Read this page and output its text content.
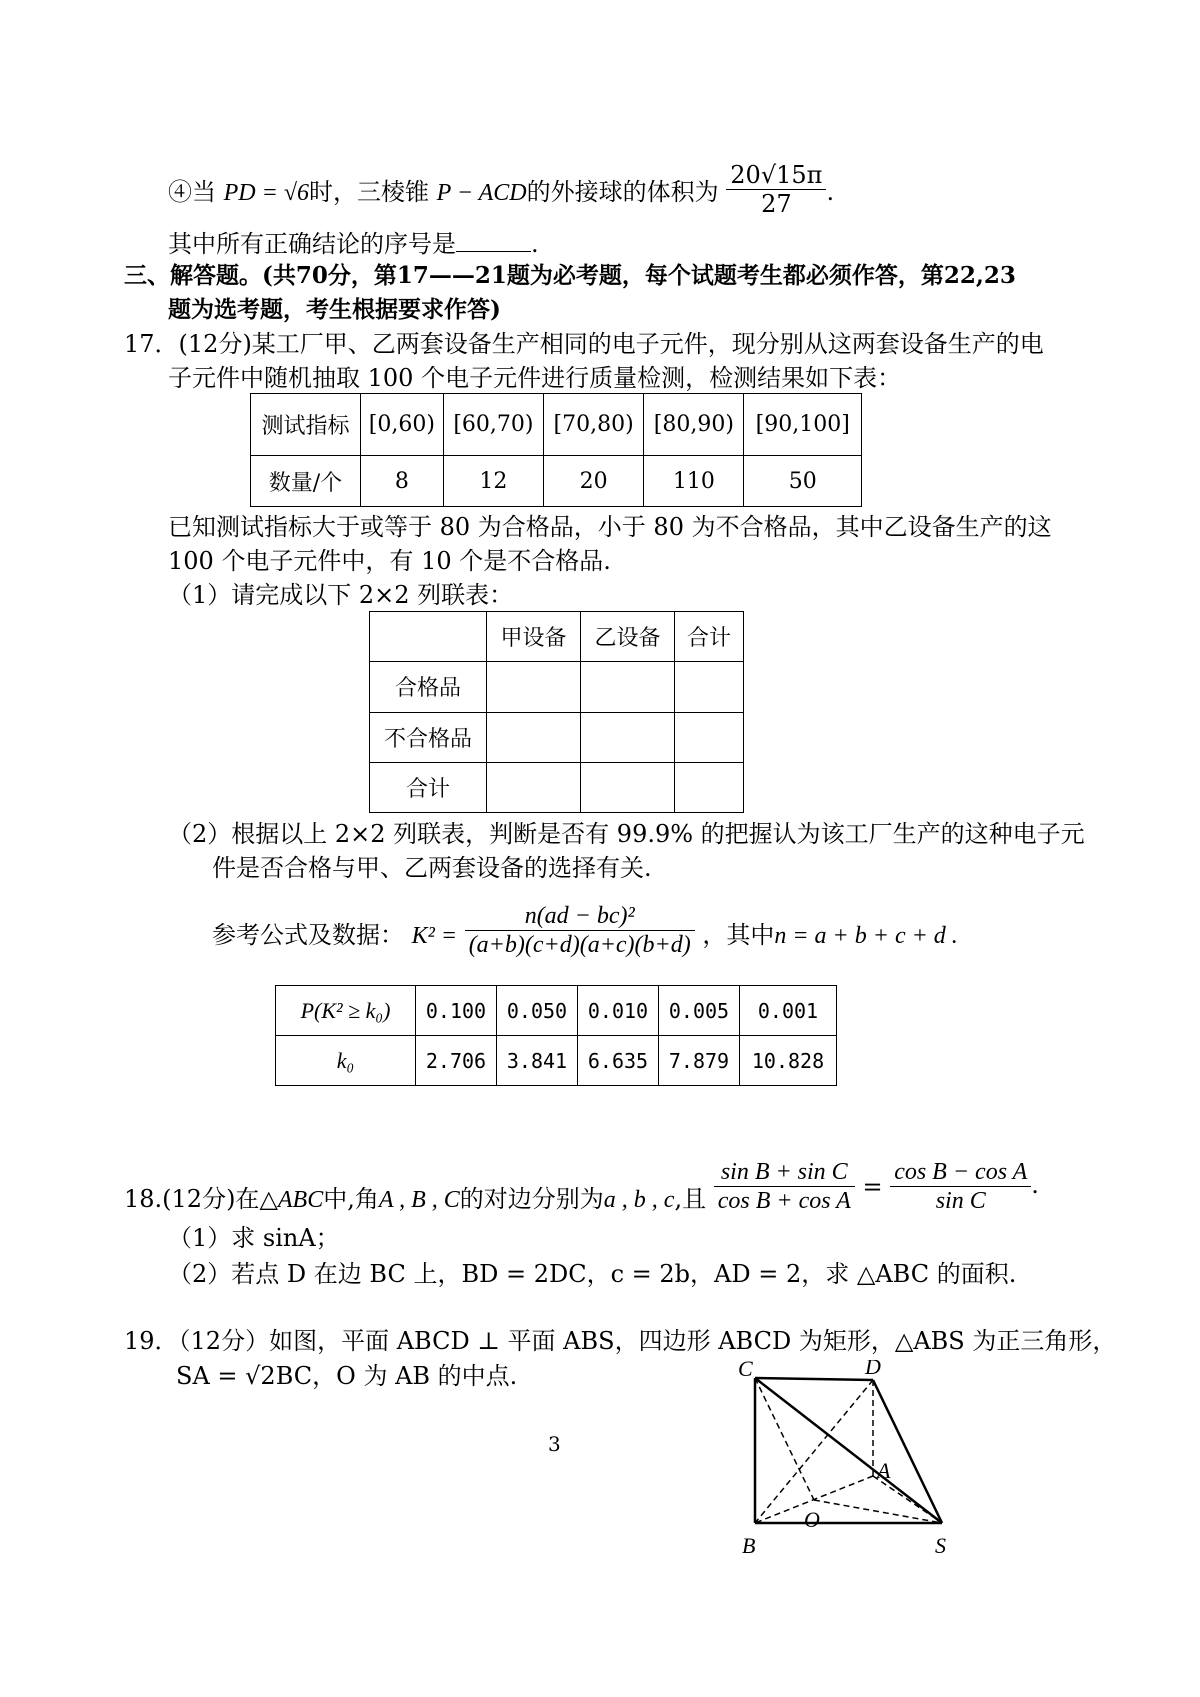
④当 PD = √6时，三棱锥 P − ACD的外接球的体积为 $\frac{20√15\pi}{27}$ .
其中所有正确结论的序号是	.
三、解答题。(共70分，第17——21题为必考题，每个试题考生都必须作答，第22,23
题为选考题，考生根据要求作答)
17．(12分)某工厂甲、乙两套设备生产相同的电子元件，现分别从这两套设备生产的电
子元件中随机抽取 100 个电子元件进行质量检测，检测结果如下表：
测试指标	[0,60)	[60,70)	[70,80)	[80,90)	[90,100]
数量/个	8	12	20	110	50
已知测试指标大于或等于 80 为合格品，小于 80 为不合格品，其中乙设备生产的这
100 个电子元件中，有 10 个是不合格品.
（1）请完成以下 2×2 列联表：
	甲设备	乙设备	合计
合格品			
不合格品			
合计			
（2）根据以上 2×2 列联表，判断是否有 99.9% 的把握认为该工厂生产的这种电子元
件是否合格与甲、乙两套设备的选择有关.
参考公式及数据： $K^2 = \frac{\text{n(ad − bc)²}}{(a+b)(c+d)(a+c)(b+d)}$ ，其中n = a + b + c + d .
P(K² ≥ k₀)	0.100	0.050	0.010	0.005	0.001
k₀	2.706	3.841	6.635	7.879	10.828
18.(12分)在△ABC中,角A , B , C的对边分别为a , b , c,且 $\frac{\text{sin B + sin C}}{\text{cos B + cos A}} = \frac{\text{cos B − cos A}}{\text{sin C}}$ .
（1）求 sinA；
（2）若点 D 在边 BC 上，BD = 2DC，c = 2b，AD = 2，求 △ABC 的面积.
19．（12分）如图，平面 ABCD ⊥ 平面 ABS，四边形 ABCD 为矩形，△ABS 为正三角形，
SA = √2BC，O 为 AB 的中点.	C	D
A
O
B	S
3
